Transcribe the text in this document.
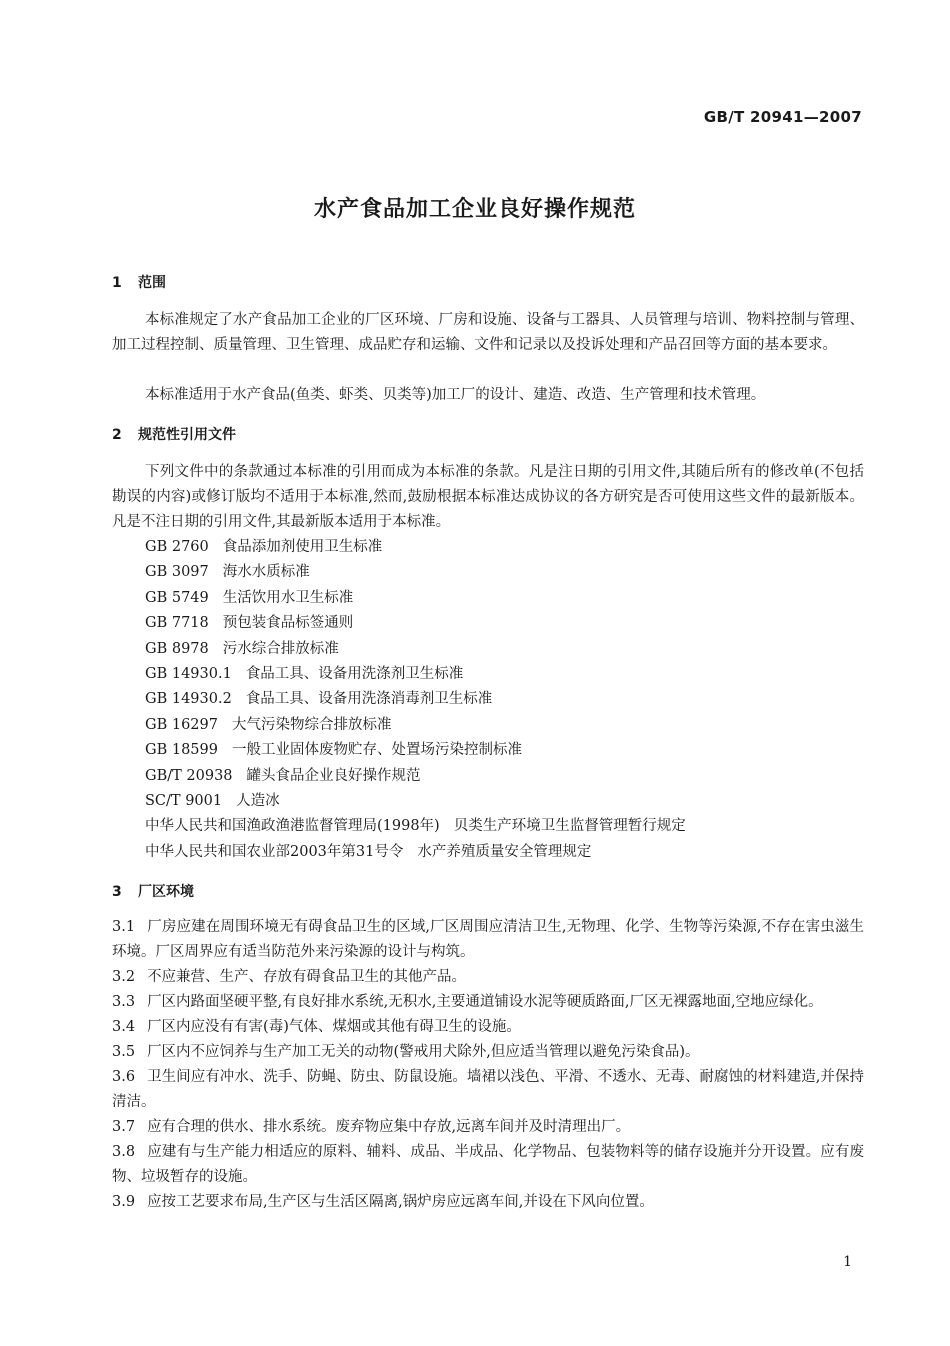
GB/T 20941—2007
水产食品加工企业良好操作规范
1 范围
本标准规定了水产食品加工企业的厂区环境、厂房和设施、设备与工器具、人员管理与培训、物料控制与管理、加工过程控制、质量管理、卫生管理、成品贮存和运输、文件和记录以及投诉处理和产品召回等方面的基本要求。
本标准适用于水产食品(鱼类、虾类、贝类等)加工厂的设计、建造、改造、生产管理和技术管理。
2 规范性引用文件
下列文件中的条款通过本标准的引用而成为本标准的条款。凡是注日期的引用文件,其随后所有的修改单(不包括勘误的内容)或修订版均不适用于本标准,然而,鼓励根据本标准达成协议的各方研究是否可使用这些文件的最新版本。凡是不注日期的引用文件,其最新版本适用于本标准。
GB 2760 食品添加剂使用卫生标准
GB 3097 海水水质标准
GB 5749 生活饮用水卫生标准
GB 7718 预包装食品标签通则
GB 8978 污水综合排放标准
GB 14930.1 食品工具、设备用洗涤剂卫生标准
GB 14930.2 食品工具、设备用洗涤消毒剂卫生标准
GB 16297 大气污染物综合排放标准
GB 18599 一般工业固体废物贮存、处置场污染控制标准
GB/T 20938 罐头食品企业良好操作规范
SC/T 9001 人造冰
中华人民共和国渔政渔港监督管理局(1998年) 贝类生产环境卫生监督管理暂行规定
中华人民共和国农业部2003年第31号令 水产养殖质量安全管理规定
3 厂区环境
3.1 厂房应建在周围环境无有碍食品卫生的区域,厂区周围应清洁卫生,无物理、化学、生物等污染源,不存在害虫滋生环境。厂区周界应有适当防范外来污染源的设计与构筑。
3.2 不应兼营、生产、存放有碍食品卫生的其他产品。
3.3 厂区内路面坚硬平整,有良好排水系统,无积水,主要通道铺设水泥等硬质路面,厂区无裸露地面,空地应绿化。
3.4 厂区内应没有有害(毒)气体、煤烟或其他有碍卫生的设施。
3.5 厂区内不应饲养与生产加工无关的动物(警戒用犬除外,但应适当管理以避免污染食品)。
3.6 卫生间应有冲水、洗手、防蝇、防虫、防鼠设施。墙裙以浅色、平滑、不透水、无毒、耐腐蚀的材料建造,并保持清洁。
3.7 应有合理的供水、排水系统。废弃物应集中存放,远离车间并及时清理出厂。
3.8 应建有与生产能力相适应的原料、辅料、成品、半成品、化学物品、包装物料等的储存设施并分开设置。应有废物、垃圾暂存的设施。
3.9 应按工艺要求布局,生产区与生活区隔离,锅炉房应远离车间,并设在下风向位置。
1
